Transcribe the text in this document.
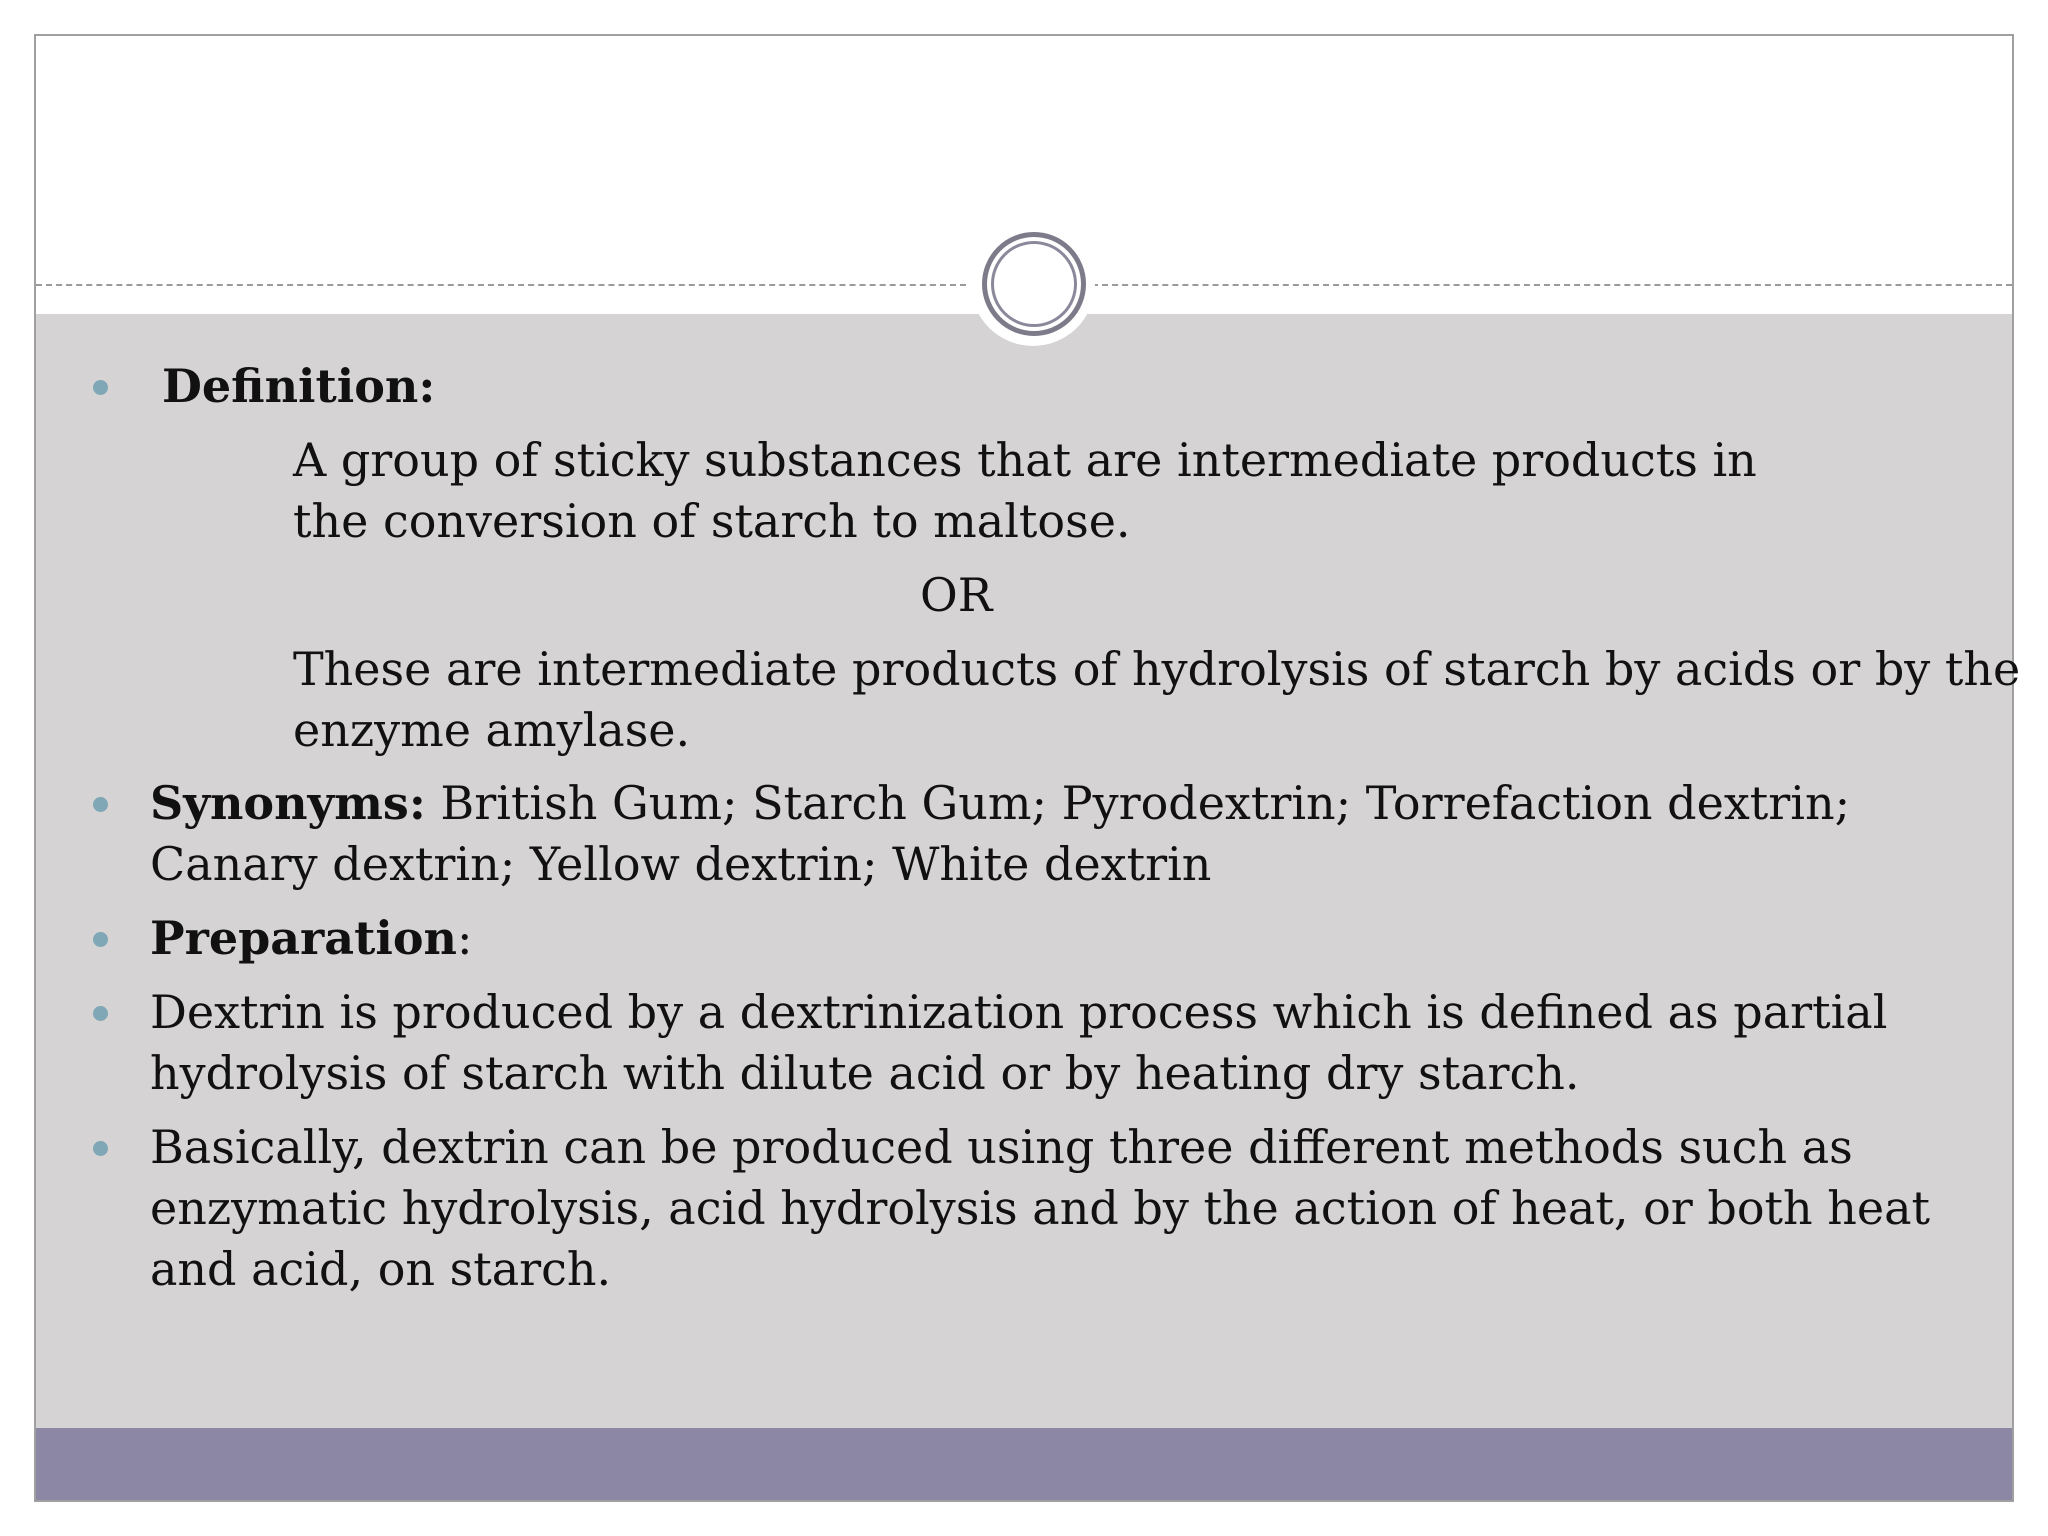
Definition:
A group of sticky substances that are intermediate products in
the conversion of starch to maltose.
OR
These are intermediate products of hydrolysis of starch by acids or by the
enzyme amylase.
Synonyms: British Gum; Starch Gum; Pyrodextrin; Torrefaction dextrin;
Canary dextrin; Yellow dextrin; White dextrin
Preparation:
Dextrin is produced by a dextrinization process which is defined as partial
hydrolysis of starch with dilute acid or by heating dry starch.
Basically, dextrin can be produced using three different methods such as
enzymatic hydrolysis, acid hydrolysis and by the action of heat, or both heat
and acid, on starch.
